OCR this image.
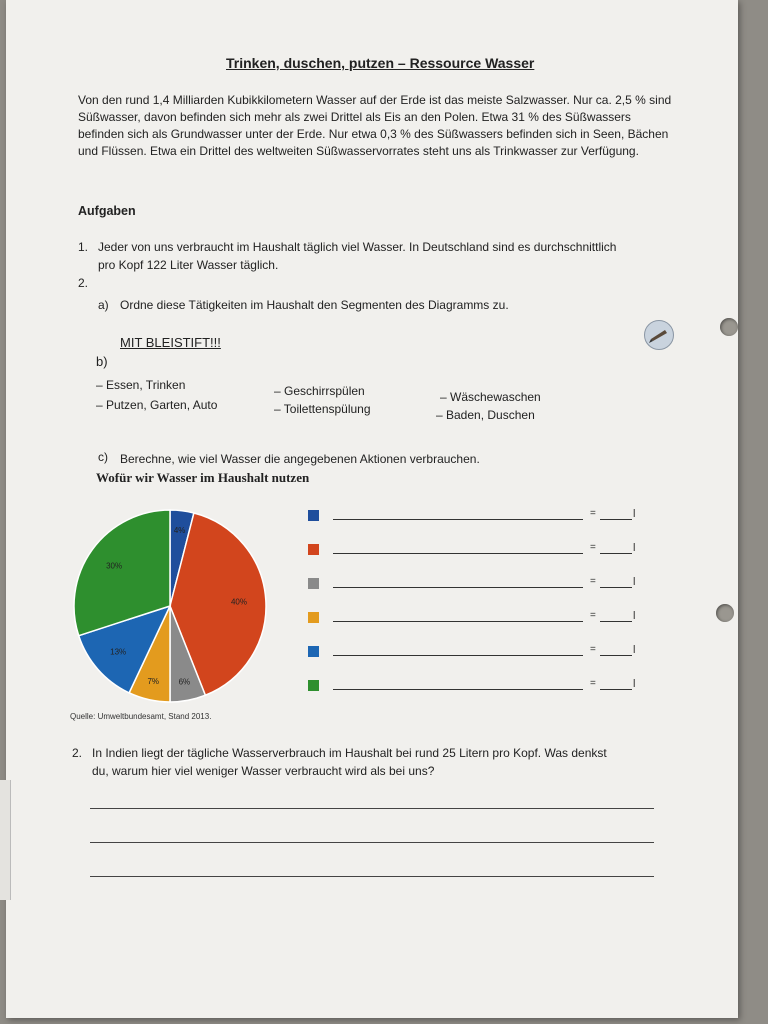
Trinken, duschen, putzen – Ressource Wasser
Von den rund 1,4 Milliarden Kubikkilometern Wasser auf der Erde ist das meiste Salzwasser. Nur ca. 2,5 % sind Süßwasser, davon befinden sich mehr als zwei Drittel als Eis an den Polen. Etwa 31 % des Süßwassers befinden sich als Grundwasser unter der Erde. Nur etwa 0,3 % des Süßwassers befinden sich in Seen, Bächen und Flüssen. Etwa ein Drittel des weltweiten Süßwasservorrates steht uns als Trinkwasser zur Verfügung.
Aufgaben
1. Jeder von uns verbraucht im Haushalt täglich viel Wasser. In Deutschland sind es durchschnittlich
pro Kopf 122 Liter Wasser täglich.
2.
a) Ordne diese Tätigkeiten im Haushalt den Segmenten des Diagramms zu.
MIT BLEISTIFT!!!
b)
– Essen, Trinken
– Putzen, Garten, Auto
– Geschirrspülen
– Toilettenspülung
– Wäschewaschen
– Baden, Duschen
c) Berechne, wie viel Wasser die angegebenen Aktionen verbrauchen.
Wofür wir Wasser im Haushalt nutzen
4%
40%
6%
7%
13%
30%
=	l
=	l
=	l
=	l
=	l
=	l
Quelle: Umweltbundesamt, Stand 2013.
2. In Indien liegt der tägliche Wasserverbrauch im Haushalt bei rund 25 Litern pro Kopf. Was denkst
du, warum hier viel weniger Wasser verbraucht wird als bei uns?
